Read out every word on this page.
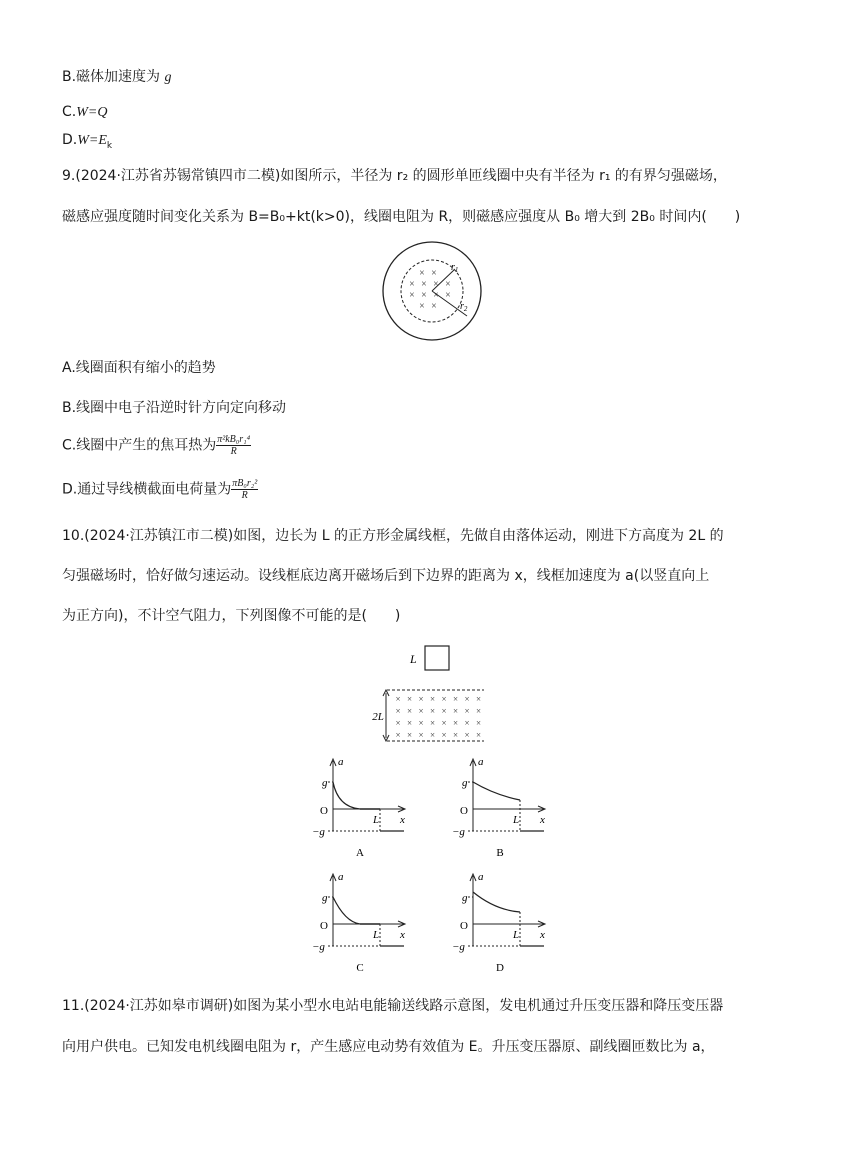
B.磁体加速度为 g
C.W=Q
$D.W=E_k$
9.(2024·江苏省苏锡常镇四市二模)如图所示，半径为 r₂ 的圆形单匝线圈中央有半径为 r₁ 的有界匀强磁场，
磁感应强度随时间变化关系为 B=B₀+kt(k>0)，线圈电阻为 R，则磁感应强度从 B₀ 增大到 2B₀ 时间内(　　)
× ×
× × × ×
× × × ×
× ×
$r_1$
$r_2$
A.线圈面积有缩小的趋势
B.线圈中电子沿逆时针方向定向移动
C.线圈中产生的焦耳热为 $\frac{\text{π²kB₀r₁⁴}}{R}$
D.通过导线横截面电荷量为 $\frac{\text{πB₀r₂²}}{R}$
10.(2024·江苏镇江市二模)如图，边长为 L 的正方形金属线框，先做自由落体运动，刚进下方高度为 2L 的
匀强磁场时，恰好做匀速运动。设线框底边离开磁场后到下边界的距离为 x，线框加速度为 a(以竖直向上
为正方向)，不计空气阻力，下列图像不可能的是(　　)
L
2L
× × × × × × × ×
× × × × × × × ×
× × × × × × × ×
× × × × × × × ×
a
x
O
g
−g
L
A
a
x
O
g
−g
L
B
a
x
O
g
−g
L
C
a
x
O
g
−g
L
D
11.(2024·江苏如皋市调研)如图为某小型水电站电能输送线路示意图，发电机通过升压变压器和降压变压器
向用户供电。已知发电机线圈电阻为 r，产生感应电动势有效值为 E。升压变压器原、副线圈匝数比为 a，
